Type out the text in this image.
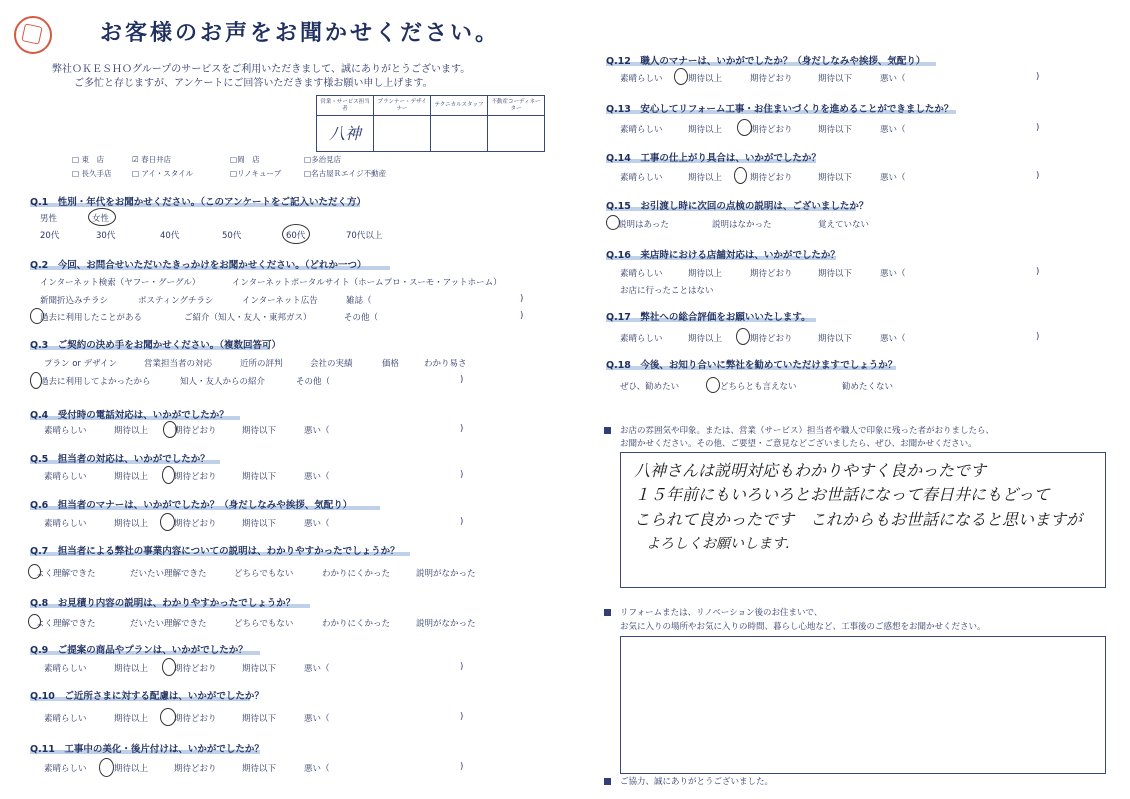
お客様のお声をお聞かせください。
弊社ＯＫＥＳＨＯグループのサービスをご利用いただきまして、誠にありがとうございます。
ご多忙と存じますが、アンケートにご回答いただきます様お願い申し上げます。
営業・サービス担当者	プランナー・デザイナー	テクニカルスタッフ	不動産コーディネーター
八神			
□ 東　店	☑ 春日井店	□岡　店	□多治見店
□ 長久手店	□ アイ・スタイル	□リノキューブ	□名古屋Ｒエイジ不動産
Q.1　性別・年代をお聞かせください。（このアンケートをご記入いただく方）
男性	女性
20代	30代	40代	50代	60代	70代以上
Q.2　今回、お問合せいただいたきっかけをお聞かせください。（どれか一つ）
インターネット検索（ヤフー・グーグル）	インターネットポータルサイト（ホームプロ・スーモ・アットホーム）
新聞折込みチラシ	ポスティングチラシ	インターネット広告	雑誌（	)
過去に利用したことがある	ご紹介（知人・友人・東邦ガス）	その他（	)
Q.3　ご契約の決め手をお聞かせください。（複数回答可）
プラン or デザイン	営業担当者の対応	近所の評判	会社の実績	価格	わかり易さ
過去に利用してよかったから	知人・友人からの紹介	その他（	)
Q.4　受付時の電話対応は、いかがでしたか？
素晴らしい	期待以上	期待どおり	期待以下	悪い（	)
Q.5　担当者の対応は、いかがでしたか？
素晴らしい	期待以上	期待どおり	期待以下	悪い（	)
Q.6　担当者のマナーは、いかがでしたか？（身だしなみや挨拶、気配り）
素晴らしい	期待以上	期待どおり	期待以下	悪い（	)
Q.7　担当者による弊社の事業内容についての説明は、わかりやすかったでしょうか？
よく理解できた	だいたい理解できた	どちらでもない	わかりにくかった	説明がなかった
Q.8　お見積り内容の説明は、わかりやすかったでしょうか？
よく理解できた	だいたい理解できた	どちらでもない	わかりにくかった	説明がなかった
Q.9　ご提案の商品やプランは、いかがでしたか？
素晴らしい	期待以上	期待どおり	期待以下	悪い（	)
Q.10　ご近所さまに対する配慮は、いかがでしたか？
素晴らしい	期待以上	期待どおり	期待以下	悪い（	)
Q.11　工事中の美化・後片付けは、いかがでしたか？
素晴らしい	期待以上	期待どおり	期待以下	悪い（	)
Q.12　職人のマナーは、いかがでしたか？（身だしなみや挨拶、気配り）
素晴らしい	期待以上	期待どおり	期待以下	悪い（	)
Q.13　安心してリフォーム工事・お住まいづくりを進めることができましたか？
素晴らしい	期待以上	期待どおり	期待以下	悪い（	)
Q.14　工事の仕上がり具合は、いかがでしたか？
素晴らしい	期待以上	期待どおり	期待以下	悪い（	)
Q.15　お引渡し時に次回の点検の説明は、ございましたか？
説明はあった	説明はなかった	覚えていない
Q.16　来店時における店舗対応は、いかがでしたか？
素晴らしい	期待以上	期待どおり	期待以下	悪い（	)
お店に行ったことはない
Q.17　弊社への総合評価をお願いいたします。
素晴らしい	期待以上	期待どおり	期待以下	悪い（	)
Q.18　今後、お知り合いに弊社を勧めていただけますでしょうか？
ぜひ、勧めたい	どちらとも言えない	勧めたくない
お店の雰囲気や印象。または、営業（サービス）担当者や職人で印象に残った者がおりましたら、
お聞かせください。その他、ご要望・ご意見などございましたら、ぜひ、お聞かせください。
八神さんは説明対応もわかりやすく良かったです
１５年前にもいろいろとお世話になって春日井にもどって
こられて良かったです　これからもお世話になると思いますが
よろしくお願いします．
リフォームまたは、リノベーション後のお住まいで、
お気に入りの場所やお気に入りの時間、暮らし心地など、工事後のご感想をお聞かせください。
ご協力、誠にありがとうございました。
